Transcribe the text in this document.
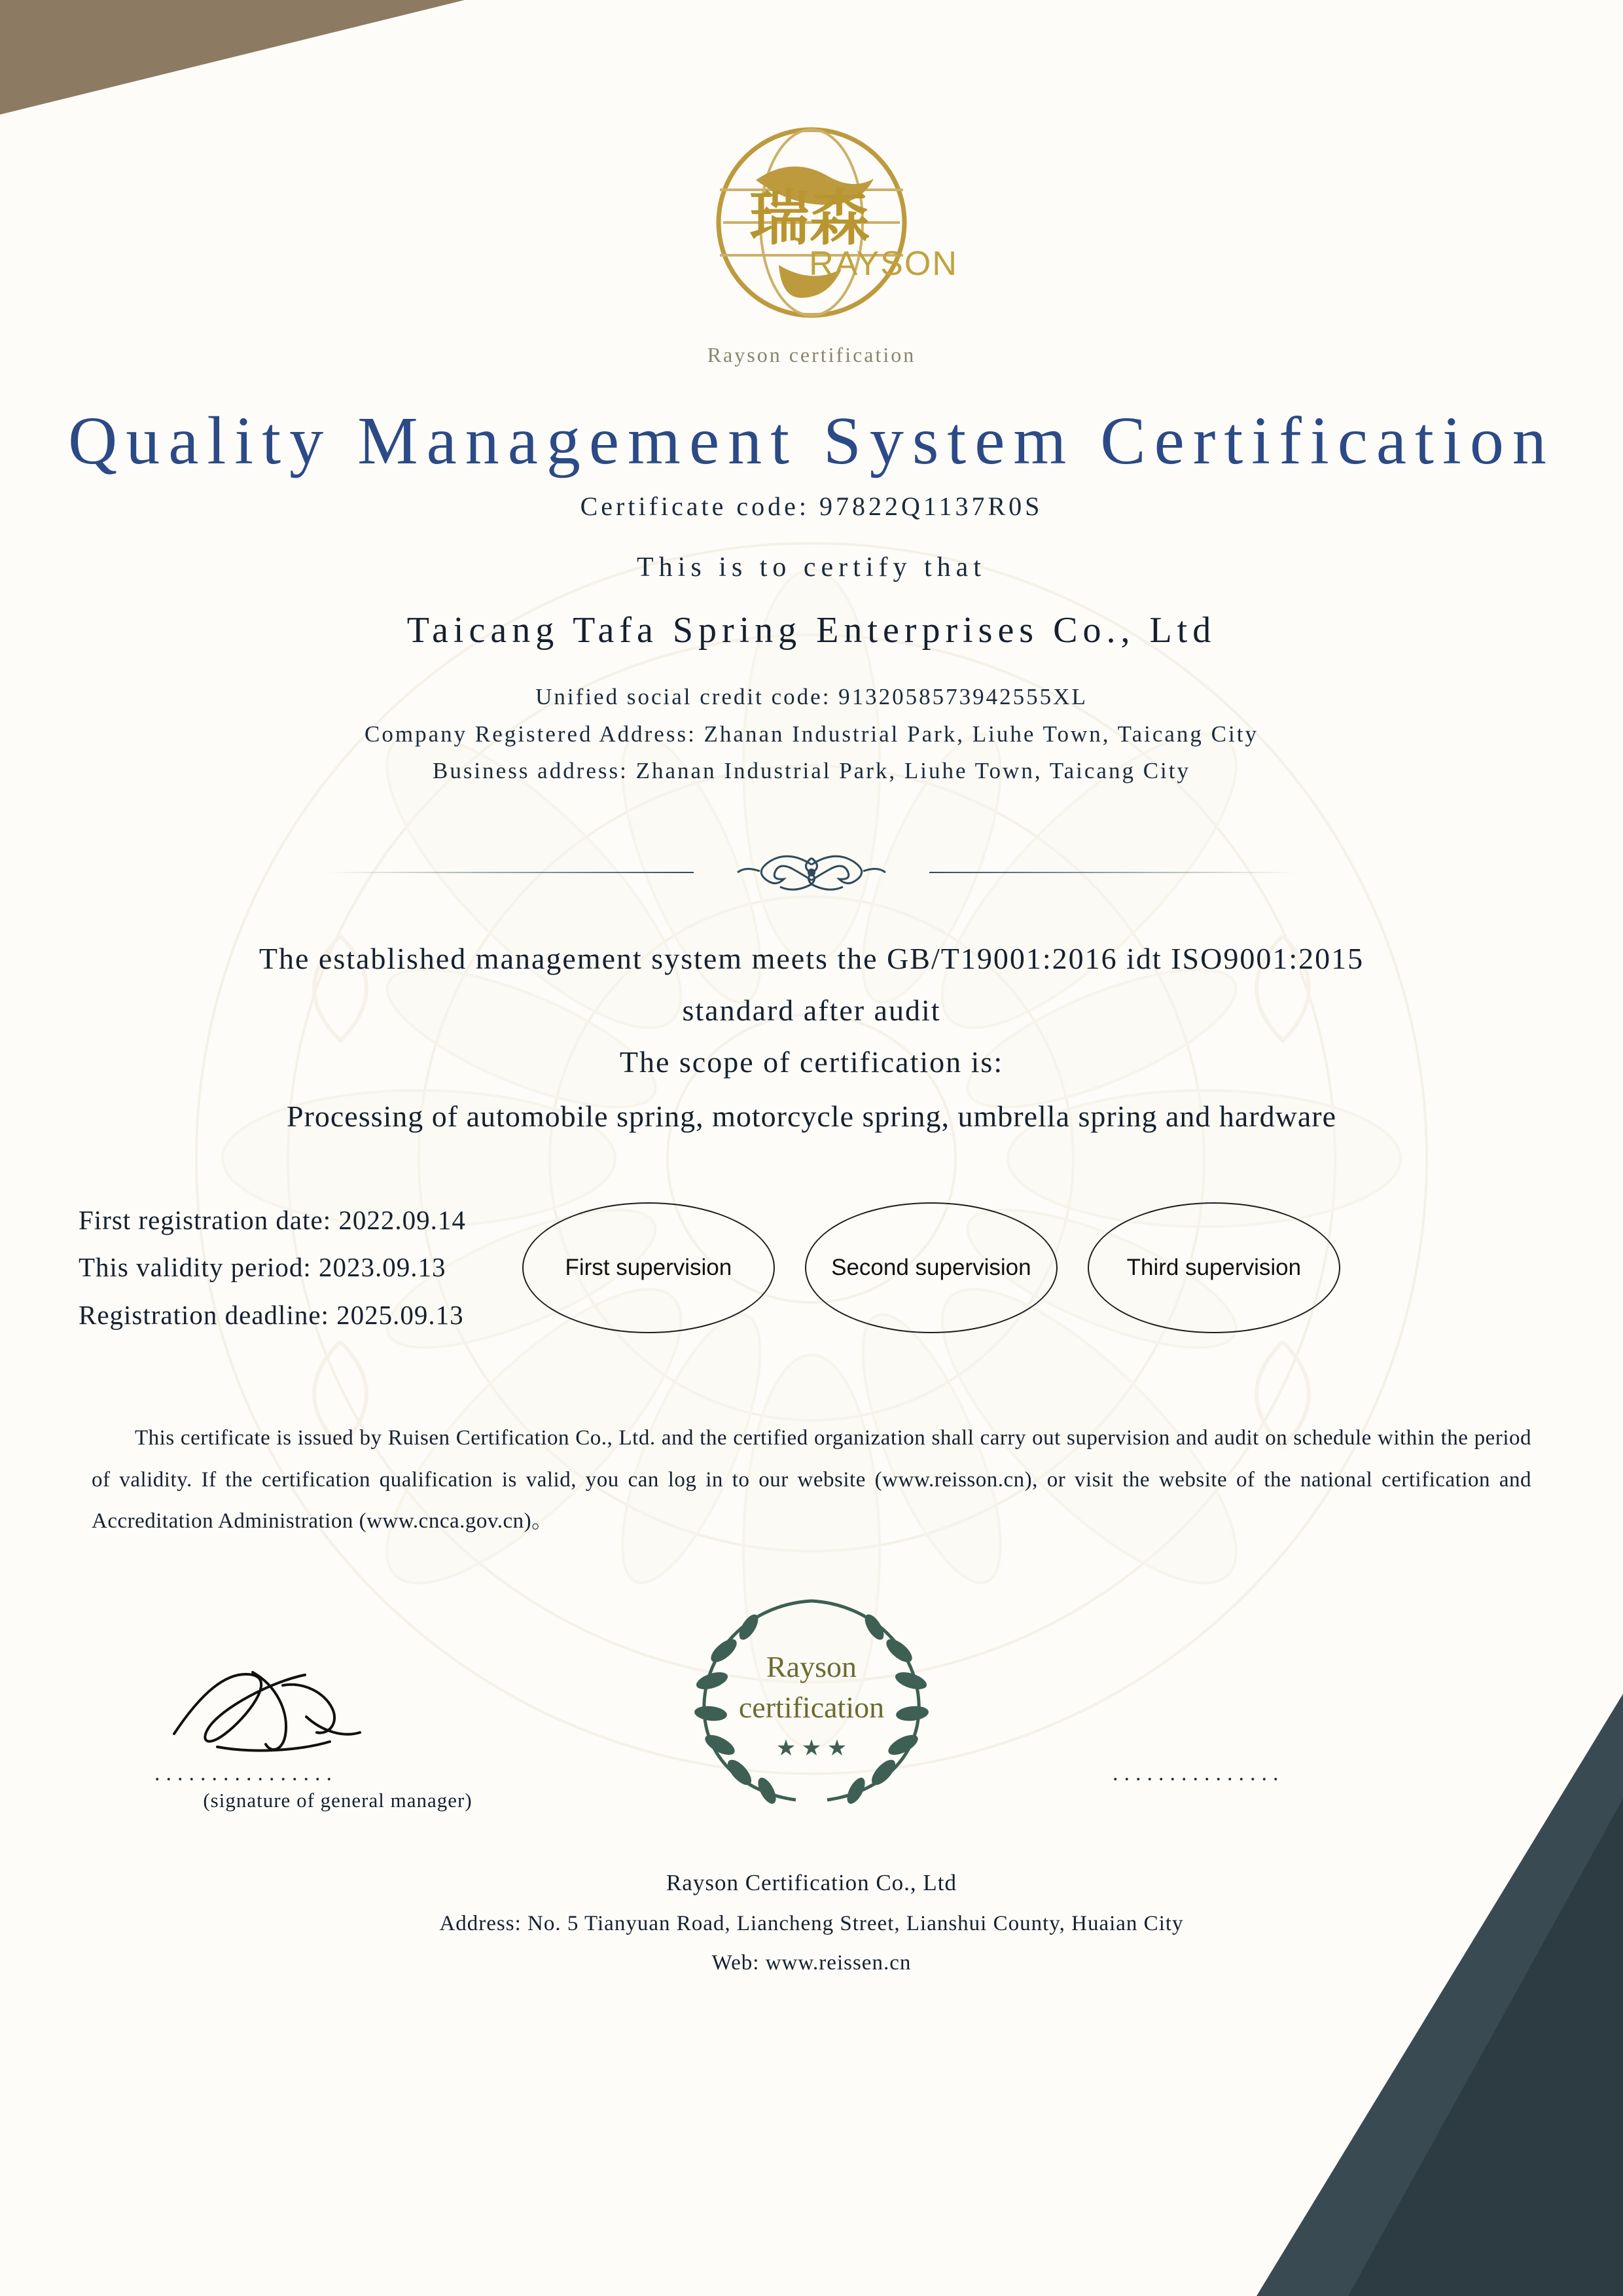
瑞森
RAYSON
Rayson certification
Quality Management System Certification
Certificate code: 97822Q1137R0S
This is to certify that
Taicang Tafa Spring Enterprises Co., Ltd
Unified social credit code: 9132058573942555XL
Company Registered Address: Zhanan Industrial Park, Liuhe Town, Taicang City
Business address: Zhanan Industrial Park, Liuhe Town, Taicang City
The established management system meets the GB/T19001:2016 idt ISO9001:2015
standard after audit
The scope of certification is:
Processing of automobile spring, motorcycle spring, umbrella spring and hardware
First registration date: 2022.09.14
This validity period: 2023.09.13
Registration deadline: 2025.09.13
First supervision	Second supervision	Third supervision
This certificate is issued by Ruisen Certification Co., Ltd. and the certified organization shall carry out supervision and audit on schedule within the period of validity. If the certification qualification is valid, you can log in to our website (www.reisson.cn), or visit the website of the national certification and Accreditation Administration (www.cnca.gov.cn)。
Rayson
certification
★ ★ ★
................
(signature of general manager)
...............
Rayson Certification Co., Ltd
Address: No. 5 Tianyuan Road, Liancheng Street, Lianshui County, Huaian City
Web: www.reissen.cn
